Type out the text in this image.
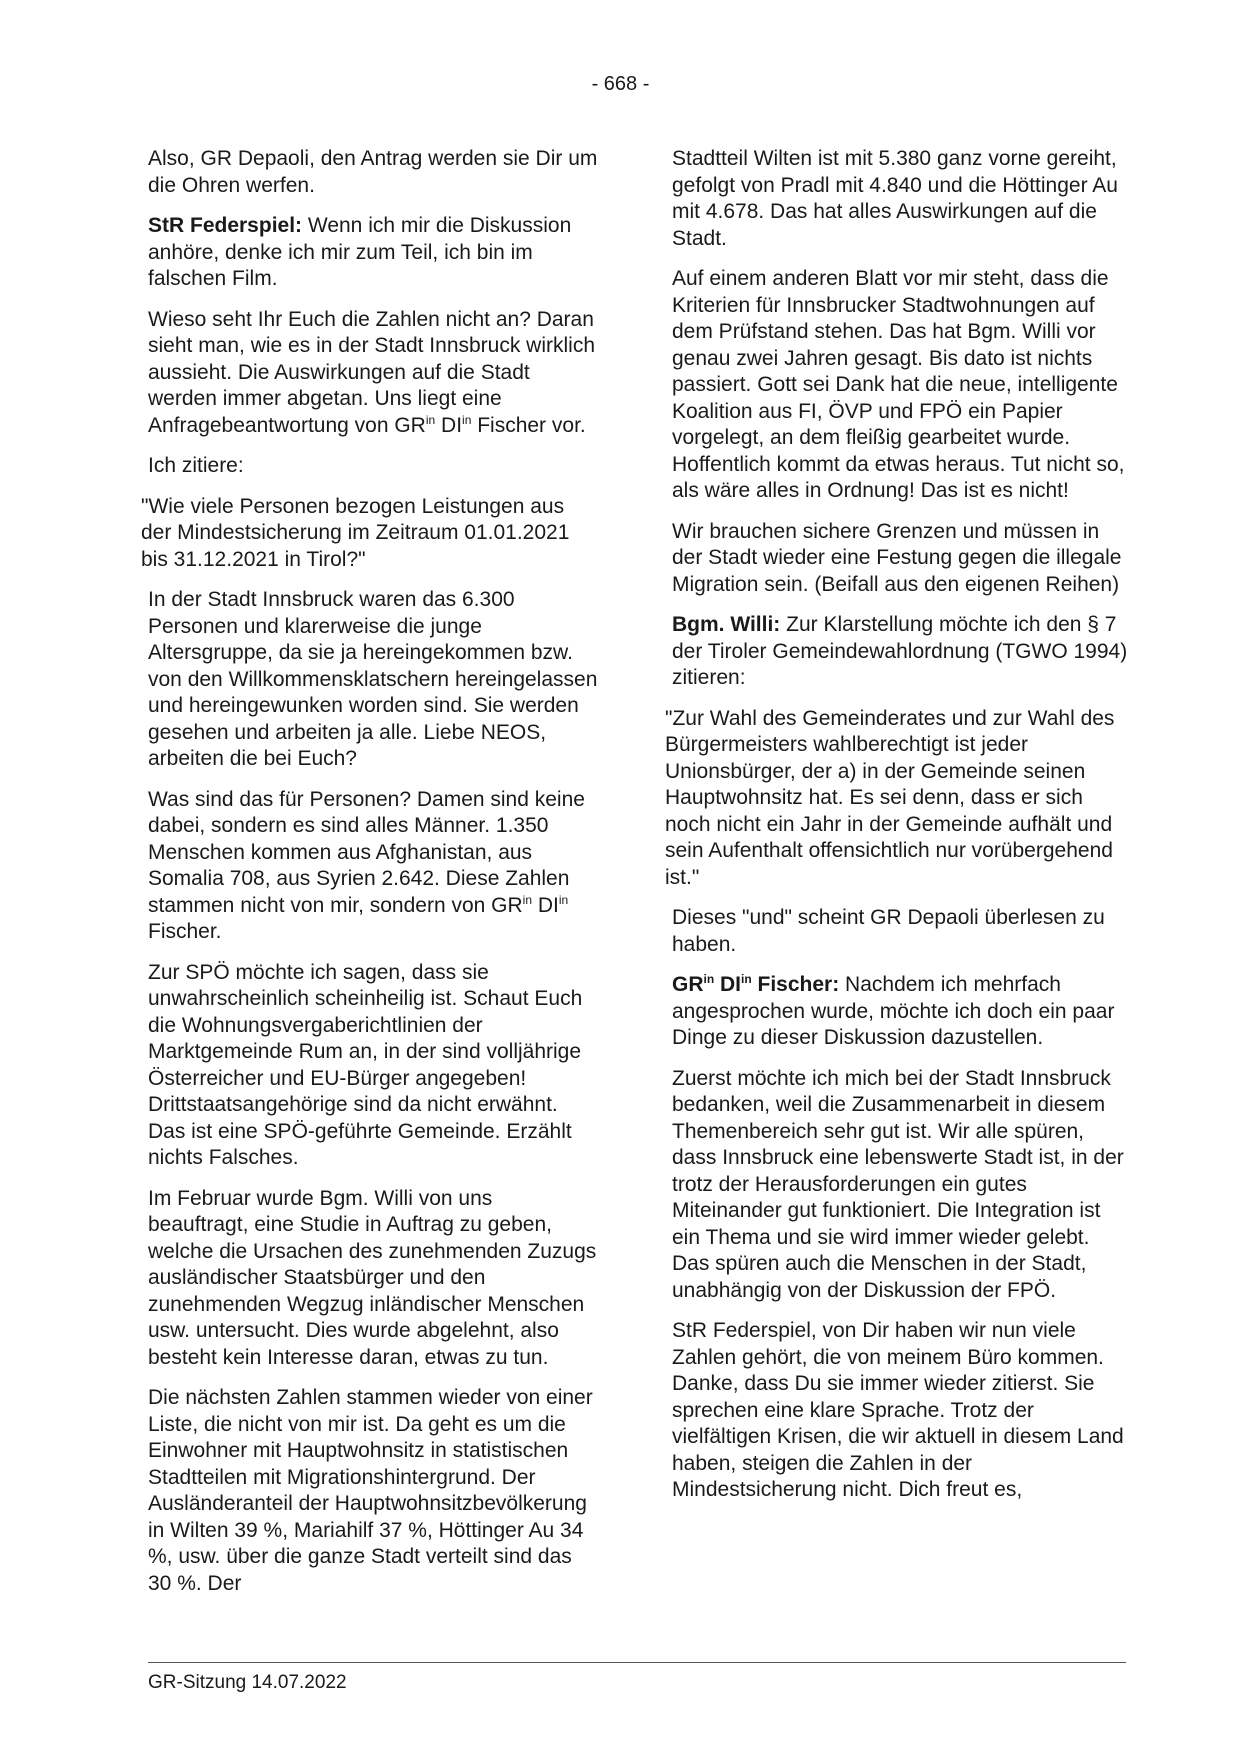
- 668 -

Also, GR Depaoli, den Antrag werden sie Dir um die Ohren werfen.

StR Federspiel: Wenn ich mir die Diskussion anhöre, denke ich mir zum Teil, ich bin im falschen Film.

Wieso seht Ihr Euch die Zahlen nicht an? Daran sieht man, wie es in der Stadt Innsbruck wirklich aussieht. Die Auswirkungen auf die Stadt werden immer abgetan. Uns liegt eine Anfragebeantwortung von $GR^{in}$ $DI^{in}$ Fischer vor.

Ich zitiere:

"Wie viele Personen bezogen Leistungen aus der Mindestsicherung im Zeitraum 01.01.2021 bis 31.12.2021 in Tirol?"

In der Stadt Innsbruck waren das 6.300 Personen und klarerweise die junge Altersgruppe, da sie ja hereingekommen bzw. von den Willkommensklatschern hereingelassen und hereingewunken worden sind. Sie werden gesehen und arbeiten ja alle. Liebe NEOS, arbeiten die bei Euch?

Was sind das für Personen? Damen sind keine dabei, sondern es sind alles Männer. 1.350 Menschen kommen aus Afghanistan, aus Somalia 708, aus Syrien 2.642. Diese Zahlen stammen nicht von mir, sondern von $GR^{in}$ $DI^{in}$ Fischer.

Zur SPÖ möchte ich sagen, dass sie unwahrscheinlich scheinheilig ist. Schaut Euch die Wohnungsvergaberichtlinien der Marktgemeinde Rum an, in der sind volljährige Österreicher und EU-Bürger angegeben! Drittstaatsangehörige sind da nicht erwähnt. Das ist eine SPÖ-geführte Gemeinde. Erzählt nichts Falsches.

Im Februar wurde Bgm. Willi von uns beauftragt, eine Studie in Auftrag zu geben, welche die Ursachen des zunehmenden Zuzugs ausländischer Staatsbürger und den zunehmenden Wegzug inländischer Menschen usw. untersucht. Dies wurde abgelehnt, also besteht kein Interesse daran, etwas zu tun.

Die nächsten Zahlen stammen wieder von einer Liste, die nicht von mir ist. Da geht es um die Einwohner mit Hauptwohnsitz in statistischen Stadtteilen mit Migrationshintergrund. Der Ausländeranteil der Hauptwohnsitzbevölkerung in Wilten 39 %, Mariahilf 37 %, Höttinger Au 34 %, usw. über die ganze Stadt verteilt sind das 30 %. Der

Stadtteil Wilten ist mit 5.380 ganz vorne gereiht, gefolgt von Pradl mit 4.840 und die Höttinger Au mit 4.678. Das hat alles Auswirkungen auf die Stadt.

Auf einem anderen Blatt vor mir steht, dass die Kriterien für Innsbrucker Stadtwohnungen auf dem Prüfstand stehen. Das hat Bgm. Willi vor genau zwei Jahren gesagt. Bis dato ist nichts passiert. Gott sei Dank hat die neue, intelligente Koalition aus FI, ÖVP und FPÖ ein Papier vorgelegt, an dem fleißig gearbeitet wurde. Hoffentlich kommt da etwas heraus. Tut nicht so, als wäre alles in Ordnung! Das ist es nicht!

Wir brauchen sichere Grenzen und müssen in der Stadt wieder eine Festung gegen die illegale Migration sein. (Beifall aus den eigenen Reihen)

Bgm. Willi: Zur Klarstellung möchte ich den § 7 der Tiroler Gemeindewahlordnung (TGWO 1994) zitieren:

"Zur Wahl des Gemeinderates und zur Wahl des Bürgermeisters wahlberechtigt ist jeder Unionsbürger, der a) in der Gemeinde seinen Hauptwohnsitz hat. Es sei denn, dass er sich noch nicht ein Jahr in der Gemeinde aufhält und sein Aufenthalt offensichtlich nur vorübergehend ist."

Dieses "und" scheint GR Depaoli überlesen zu haben.

$GR^{in}$ $DI^{in}$ Fischer: Nachdem ich mehrfach angesprochen wurde, möchte ich doch ein paar Dinge zu dieser Diskussion dazustellen.

Zuerst möchte ich mich bei der Stadt Innsbruck bedanken, weil die Zusammenarbeit in diesem Themenbereich sehr gut ist. Wir alle spüren, dass Innsbruck eine lebenswerte Stadt ist, in der trotz der Herausforderungen ein gutes Miteinander gut funktioniert. Die Integration ist ein Thema und sie wird immer wieder gelebt. Das spüren auch die Menschen in der Stadt, unabhängig von der Diskussion der FPÖ.

StR Federspiel, von Dir haben wir nun viele Zahlen gehört, die von meinem Büro kommen. Danke, dass Du sie immer wieder zitierst. Sie sprechen eine klare Sprache. Trotz der vielfältigen Krisen, die wir aktuell in diesem Land haben, steigen die Zahlen in der Mindestsicherung nicht. Dich freut es,

GR-Sitzung 14.07.2022
